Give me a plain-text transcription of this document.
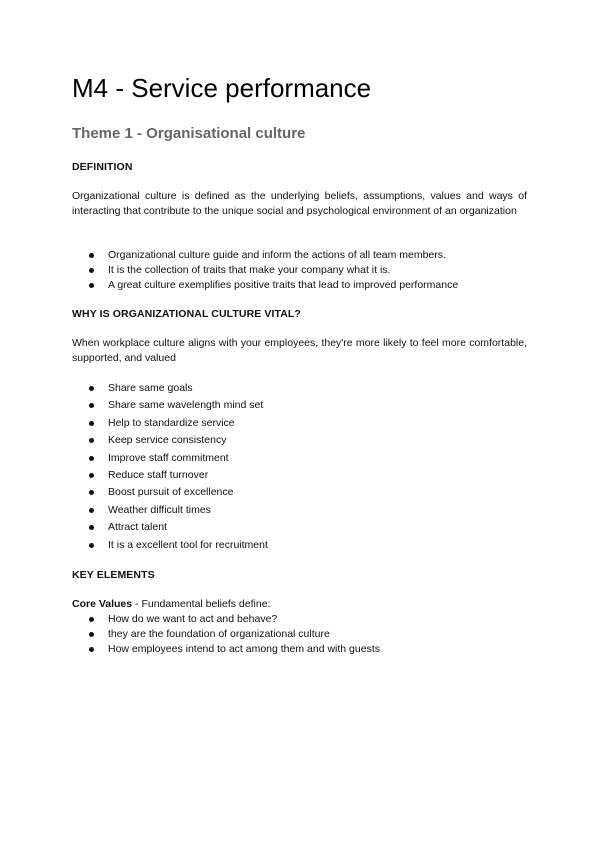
M4 - Service performance
Theme 1 - Organisational culture
DEFINITION

Organizational culture is defined as the underlying beliefs, assumptions, values and ways of interacting that contribute to the unique social and psychological environment of an organization

Organizational culture guide and inform the actions of all team members.
It is the collection of traits that make your company what it is.
A great culture exemplifies positive traits that lead to improved performance
WHY IS ORGANIZATIONAL CULTURE VITAL?

When workplace culture aligns with your employees, they're more likely to feel more comfortable, supported, and valued

Share same goals
Share same wavelength mind set
Help to standardize service
Keep service consistency
Improve staff commitment
Reduce staff turnover
Boost pursuit of excellence
Weather difficult times
Attract talent
It is a excellent tool for recruitment
KEY ELEMENTS

Core Values - Fundamental beliefs define:

How do we want to act and behave?
they are the foundation of organizational culture
How employees intend to act among them and with guests
